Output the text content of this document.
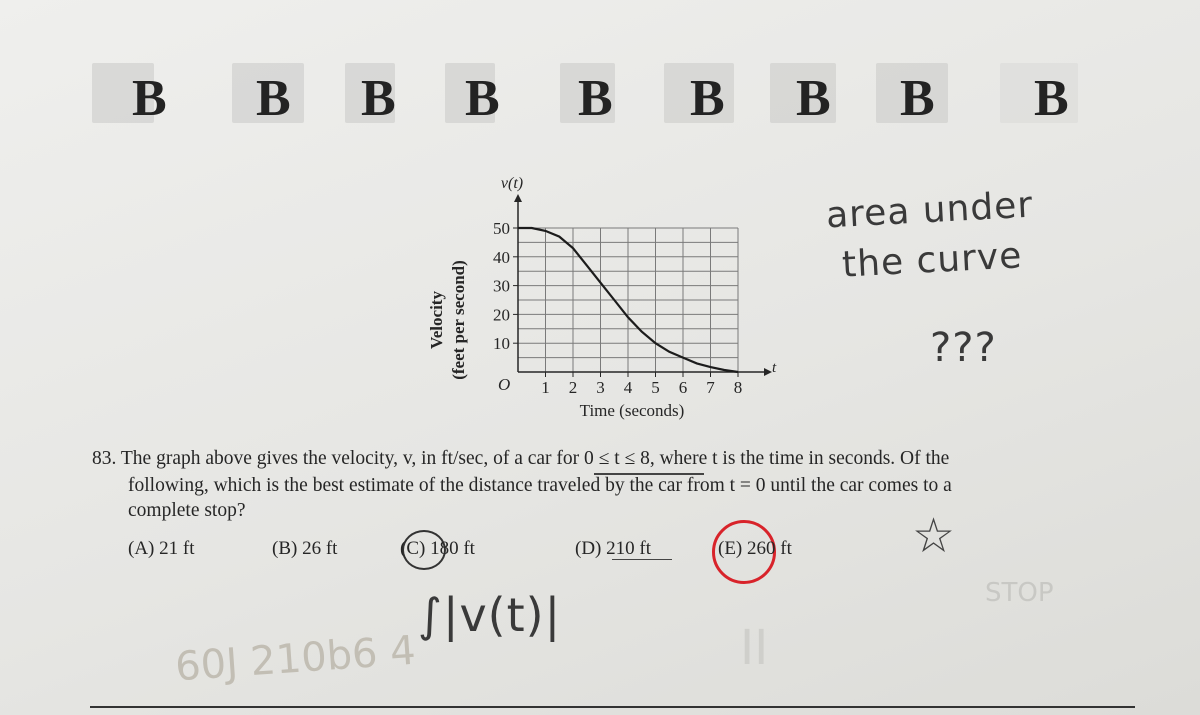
B B B B B B B B B
1 2 3 4 5 6 7 8
10
20
30
40
50
v(t)
Velocity (feet per second)
Time (seconds)
t
O
area under
the curve
???
83. The graph above gives the velocity, v, in ft/sec, of a car for 0 ≤ t ≤ 8, where t is the time in seconds. Of the
following, which is the best estimate of the distance traveled by the car from t = 0 until the car comes to a
complete stop?
(A) 21 ft	(B) 26 ft	(C) 180 ft	(D) 210 ft	(E) 260 ft	☆
∫|v(t)|
60J 210b6 4
STOP
II
